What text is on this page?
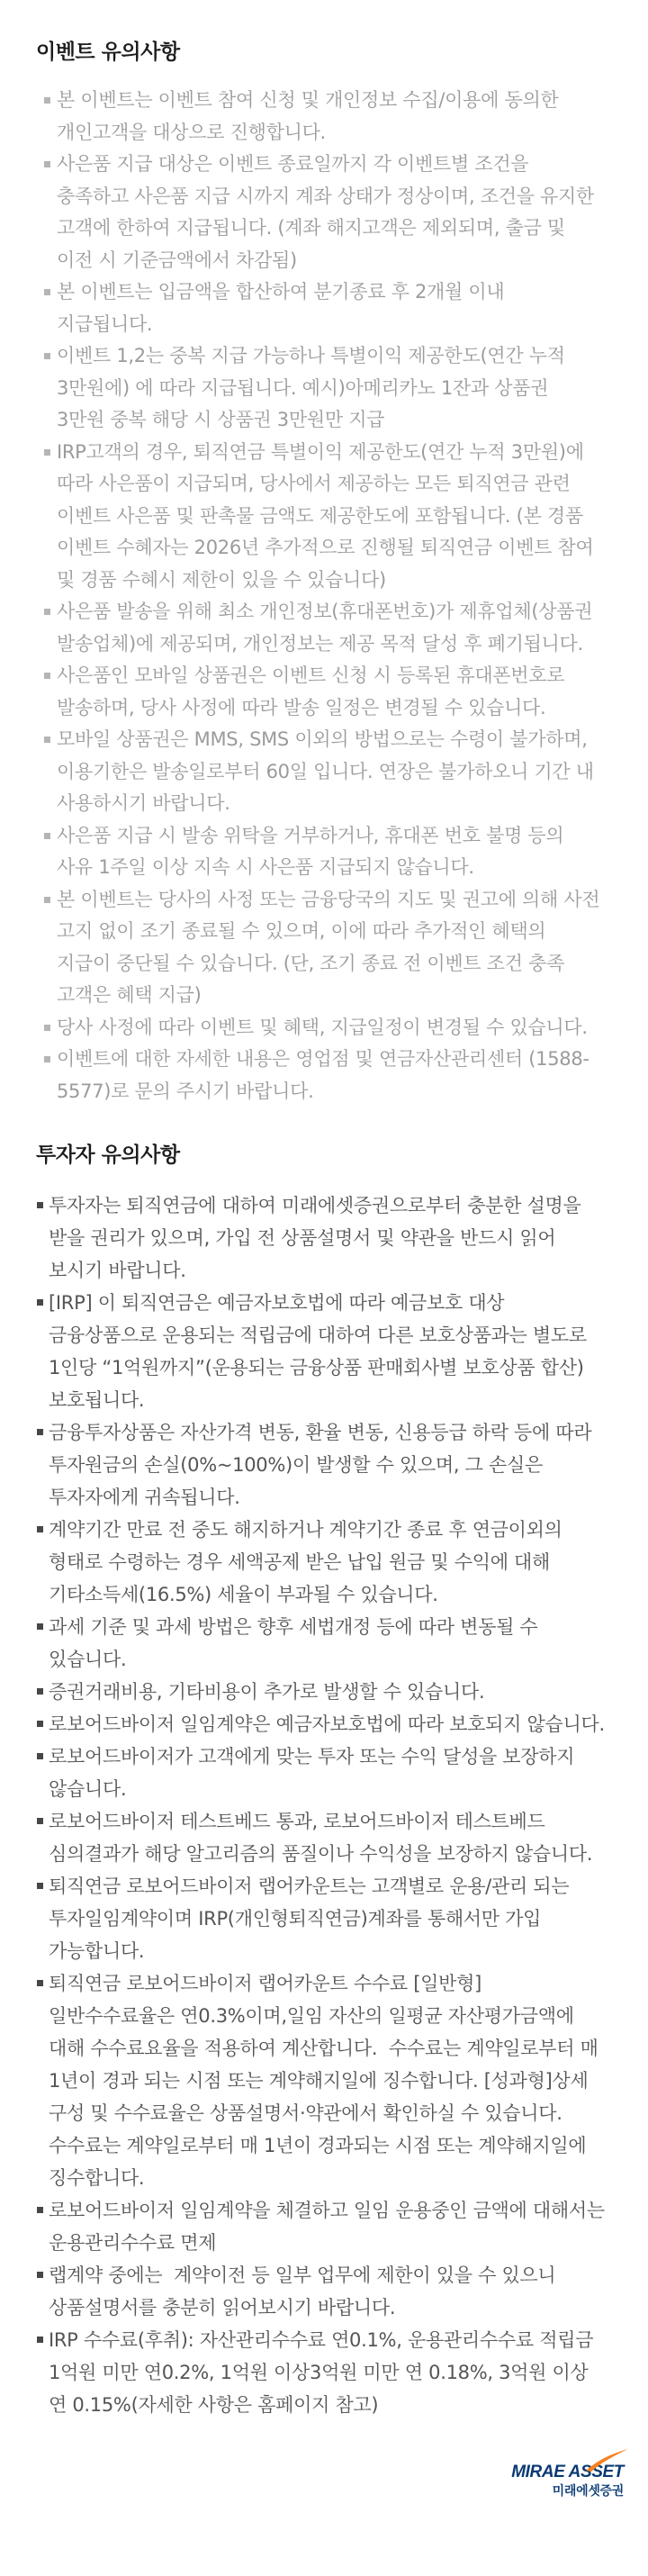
이벤트 유의사항
본 이벤트는 이벤트 참여 신청 및 개인정보 수집/이용에 동의한 개인고객을 대상으로 진행합니다.
사은품 지급 대상은 이벤트 종료일까지 각 이벤트별 조건을 충족하고 사은품 지급 시까지 계좌 상태가 정상이며, 조건을 유지한 고객에 한하여 지급됩니다. (계좌 해지고객은 제외되며, 출금 및 이전 시 기준금액에서 차감됨)
본 이벤트는 입금액을 합산하여 분기종료 후 2개월 이내 지급됩니다.
이벤트 1,2는 중복 지급 가능하나 특별이익 제공한도(연간 누적 3만원에) 에 따라 지급됩니다. 예시)아메리카노 1잔과 상품권 3만원 중복 해당 시 상품권 3만원만 지급
IRP고객의 경우, 퇴직연금 특별이익 제공한도(연간 누적 3만원)에 따라 사은품이 지급되며, 당사에서 제공하는 모든 퇴직연금 관련 이벤트 사은품 및 판촉물 금액도 제공한도에 포함됩니다. (본 경품 이벤트 수혜자는 2026년 추가적으로 진행될 퇴직연금 이벤트 참여 및 경품 수혜시 제한이 있을 수 있습니다)
사은품 발송을 위해 최소 개인정보(휴대폰번호)가 제휴업체(상품권 발송업체)에 제공되며, 개인정보는 제공 목적 달성 후 폐기됩니다.
사은품인 모바일 상품권은 이벤트 신청 시 등록된 휴대폰번호로 발송하며, 당사 사정에 따라 발송 일정은 변경될 수 있습니다.
모바일 상품권은 MMS, SMS 이외의 방법으로는 수령이 불가하며, 이용기한은 발송일로부터 60일 입니다. 연장은 불가하오니 기간 내 사용하시기 바랍니다.
사은품 지급 시 발송 위탁을 거부하거나, 휴대폰 번호 불명 등의 사유 1주일 이상 지속 시 사은품 지급되지 않습니다.
본 이벤트는 당사의 사정 또는 금융당국의 지도 및 권고에 의해 사전 고지 없이 조기 종료될 수 있으며, 이에 따라 추가적인 혜택의 지급이 중단될 수 있습니다. (단, 조기 종료 전 이벤트 조건 충족 고객은 혜택 지급)
당사 사정에 따라 이벤트 및 혜택, 지급일정이 변경될 수 있습니다.
이벤트에 대한 자세한 내용은 영업점 및 연금자산관리센터 (1588-5577)로 문의 주시기 바랍니다.
투자자 유의사항
투자자는 퇴직연금에 대하여 미래에셋증권으로부터 충분한 설명을 받을 권리가 있으며, 가입 전 상품설명서 및 약관을 반드시 읽어 보시기 바랍니다.
[IRP] 이 퇴직연금은 예금자보호법에 따라 예금보호 대상 금융상품으로 운용되는 적립금에 대하여 다른 보호상품과는 별도로 1인당 “1억원까지”(운용되는 금융상품 판매회사별 보호상품 합산) 보호됩니다.
금융투자상품은 자산가격 변동, 환율 변동, 신용등급 하락 등에 따라 투자원금의 손실(0%~100%)이 발생할 수 있으며, 그 손실은 투자자에게 귀속됩니다.
계약기간 만료 전 중도 해지하거나 계약기간 종료 후 연금이외의 형태로 수령하는 경우 세액공제 받은 납입 원금 및 수익에 대해 기타소득세(16.5%) 세율이 부과될 수 있습니다.
과세 기준 및 과세 방법은 향후 세법개정 등에 따라 변동될 수 있습니다.
증권거래비용, 기타비용이 추가로 발생할 수 있습니다.
로보어드바이저 일임계약은 예금자보호법에 따라 보호되지 않습니다.
로보어드바이저가 고객에게 맞는 투자 또는 수익 달성을 보장하지 않습니다.
로보어드바이저 테스트베드 통과, 로보어드바이저 테스트베드 심의결과가 해당 알고리즘의 품질이나 수익성을 보장하지 않습니다.
퇴직연금 로보어드바이저 랩어카운트는 고객별로 운용/관리 되는 투자일임계약이며 IRP(개인형퇴직연금)계좌를 통해서만 가입 가능합니다.
퇴직연금 로보어드바이저 랩어카운트 수수료 [일반형] 일반수수료율은 연0.3%이며,일임 자산의 일평균 자산평가금액에 대해 수수료요율을 적용하여 계산합니다.  수수료는 계약일로부터 매 1년이 경과 되는 시점 또는 계약해지일에 징수합니다. [성과형]상세 구성 및 수수료율은 상품설명서·약관에서 확인하실 수 있습니다.수수료는 계약일로부터 매 1년이 경과되는 시점 또는 계약해지일에 징수합니다.
로보어드바이저 일임계약을 체결하고 일임 운용중인 금액에 대해서는 운용관리수수료 면제
랩계약 중에는  계약이전 등 일부 업무에 제한이 있을 수 있으니 상품설명서를 충분히 읽어보시기 바랍니다.
IRP 수수료(후취): 자산관리수수료 연0.1%, 운용관리수수료 적립금 1억원 미만 연0.2%, 1억원 이상3억원 미만 연 0.18%, 3억원 이상 연 0.15%(자세한 사항은 홈페이지 참고)
MIRAE ASSET
미래에셋증권
